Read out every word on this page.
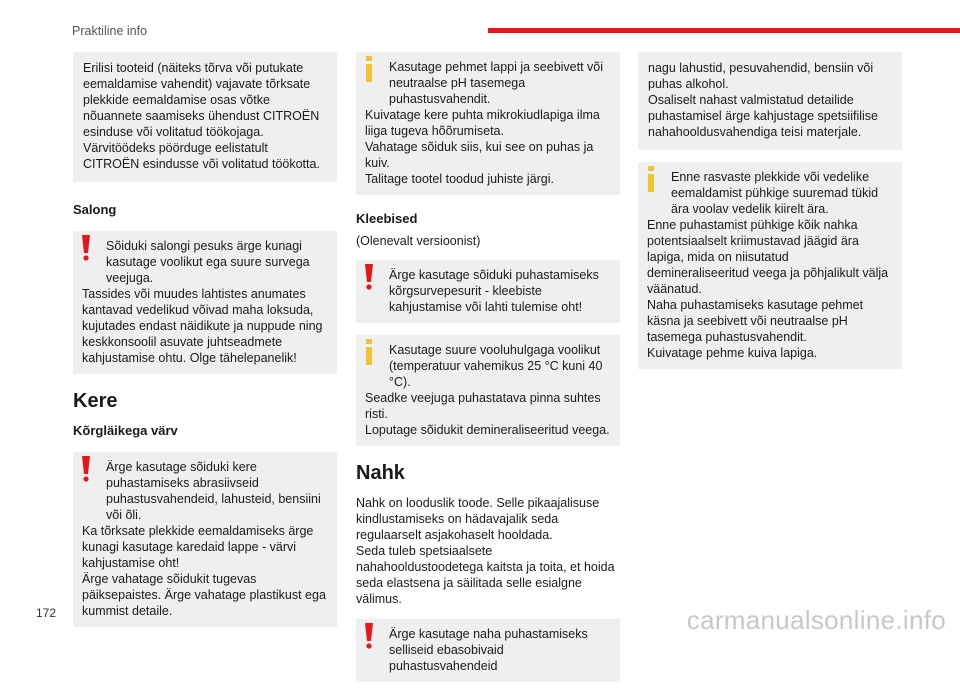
Praktiline info

Erilisi tooteid (näiteks tõrva või putukate eemaldamise vahendit) vajavate tõrksate plekkide eemaldamise osas võtke nõuannete saamiseks ühendust CITROËN esinduse või volitatud töökojaga.

Värvitöödeks pöörduge eelistatult CITROËN esindusse või volitatud töökotta.

Salong
Sõiduki salongi pesuks ärge kunagi kasutage voolikut ega suure survega veejuga.

Tassides või muudes lahtistes anumates kantavad vedelikud võivad maha loksuda, kujutades endast näidikute ja nuppude ning keskkonsoolil asuvate juhtseadmete kahjustamise ohtu. Olge tähelepanelik!

Kere
Kõrgläikega värv
Ärge kasutage sõiduki kere puhastamiseks abrasiivseid puhastusvahendeid, lahusteid, bensiini või õli.

Ka tõrksate plekkide eemaldamiseks ärge kunagi kasutage karedaid lappe - värvi kahjustamise oht!

Ärge vahatage sõidukit tugevas päiksepaistes. Ärge vahatage plastikust ega kummist detaile.

Kasutage pehmet lappi ja seebivett või neutraalse pH tasemega puhastusvahendit.

Kuivatage kere puhta mikrokiudlapiga ilma liiga tugeva hõõrumiseta.

Vahatage sõiduk siis, kui see on puhas ja kuiv.

Talitage tootel toodud juhiste järgi.

Kleebised
(Olenevalt versioonist)
Ärge kasutage sõiduki puhastamiseks kõrgsurvepesurit - kleebiste kahjustamise või lahti tulemise oht!
Kasutage suure vooluhulgaga voolikut (temperatuur vahemikus 25 °C kuni 40 °C).

Seadke veejuga puhastatava pinna suhtes risti.

Loputage sõidukit demineraliseeritud veega.

Nahk

Nahk on looduslik toode. Selle pikaajalisuse kindlustamiseks on hädavajalik seda regulaarselt asjakohaselt hooldada.

Seda tuleb spetsiaalsete nahahooldustoodetega kaitsta ja toita, et hoida seda elastsena ja säilitada selle esialgne välimus.

Ärge kasutage naha puhastamiseks selliseid ebasobivaid puhastusvahendeid

nagu lahustid, pesuvahendid, bensiin või puhas alkohol.

Osaliselt nahast valmistatud detailide puhastamisel ärge kahjustage spetsiifilise nahahooldusvahendiga teisi materjale.

Enne rasvaste plekkide või vedelike eemaldamist pühkige suuremad tükid ära voolav vedelik kiirelt ära.

Enne puhastamist pühkige kõik nahka potentsiaalselt kriimustavad jäägid ära lapiga, mida on niisutatud demineraliseeritud veega ja põhjalikult välja väänatud.

Naha puhastamiseks kasutage pehmet käsna ja seebivett või neutraalse pH tasemega puhastusvahendit.

Kuivatage pehme kuiva lapiga.

172	carmanualsonline.info
